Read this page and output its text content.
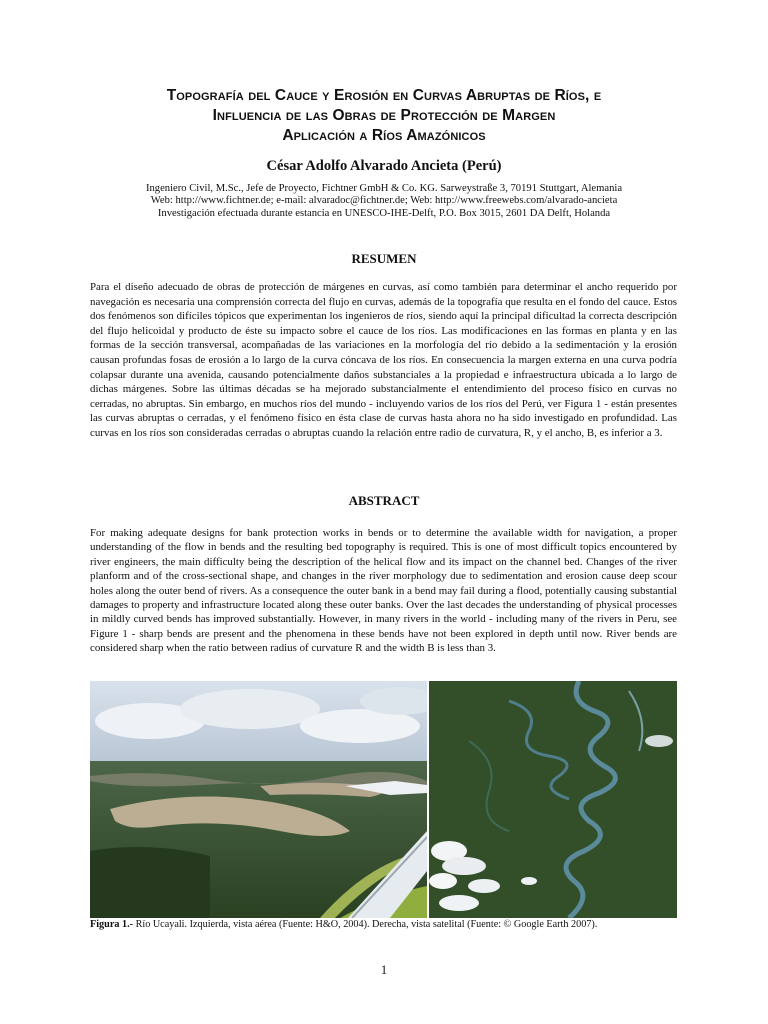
Topografía del Cauce y Erosión en Curvas Abruptas de Ríos, e
Influencia de las Obras de Protección de Margen
Aplicación a Ríos Amazónicos
César Adolfo Alvarado Ancieta (Perú)
Ingeniero Civil, M.Sc., Jefe de Proyecto, Fichtner GmbH & Co. KG. Sarweystraße 3, 70191 Stuttgart, Alemania
Web: http://www.fichtner.de; e-mail: alvaradoc@fichtner.de; Web: http://www.freewebs.com/alvarado-ancieta
Investigación efectuada durante estancia en UNESCO-IHE-Delft, P.O. Box 3015, 2601 DA Delft, Holanda
RESUMEN

Para el diseño adecuado de obras de protección de márgenes en curvas, así como también para determinar el ancho requerido por navegación es necesaria una comprensión correcta del flujo en curvas, además de la topografía que resulta en el fondo del cauce. Estos dos fenómenos son difíciles tópicos que experimentan los ingenieros de ríos, siendo aquí la principal dificultad la correcta descripción del flujo helicoidal y producto de éste su impacto sobre el cauce de los ríos. Las modificaciones en las formas en planta y en las formas de la sección transversal, acompañadas de las variaciones en la morfología del río debido a la sedimentación y la erosión causan profundas fosas de erosión a lo largo de la curva cóncava de los ríos. En consecuencia la margen externa en una curva podría colapsar durante una avenida, causando potencialmente daños substanciales a la propiedad e infraestructura ubicada a lo largo de dichas márgenes. Sobre las últimas décadas se ha mejorado substancialmente el entendimiento del proceso físico en curvas no cerradas, no abruptas. Sin embargo, en muchos ríos del mundo - incluyendo varios de los ríos del Perú, ver Figura 1 - están presentes las curvas abruptas o cerradas, y el fenómeno físico en ésta clase de curvas hasta ahora no ha sido investigado en profundidad. Las curvas en los ríos son consideradas cerradas o abruptas cuando la relación entre radio de curvatura, R, y el ancho, B, es inferior a 3.

ABSTRACT

For making adequate designs for bank protection works in bends or to determine the available width for navigation, a proper understanding of the flow in bends and the resulting bed topography is required. This is one of most difficult topics encountered by river engineers, the main difficulty being the description of the helical flow and its impact on the channel bed. Changes of the river planform and of the cross-sectional shape, and changes in the river morphology due to sedimentation and erosion cause deep scour holes along the outer bend of rivers. As a consequence the outer bank in a bend may fail during a flood, potentially causing substantial damages to property and infrastructure located along these outer banks. Over the last decades the understanding of physical processes in mildly curved bends has improved substantially. However, in many rivers in the world - including many of the rivers in Peru, see Figure 1 - sharp bends are present and the phenomena in these bends have not been explored in depth until now. River bends are considered sharp when the ratio between radius of curvature R and the width B is less than 3.

Figura 1.- Río Ucayali. Izquierda, vista aérea (Fuente: H&O, 2004). Derecha, vista satelital (Fuente: © Google Earth 2007).
1
